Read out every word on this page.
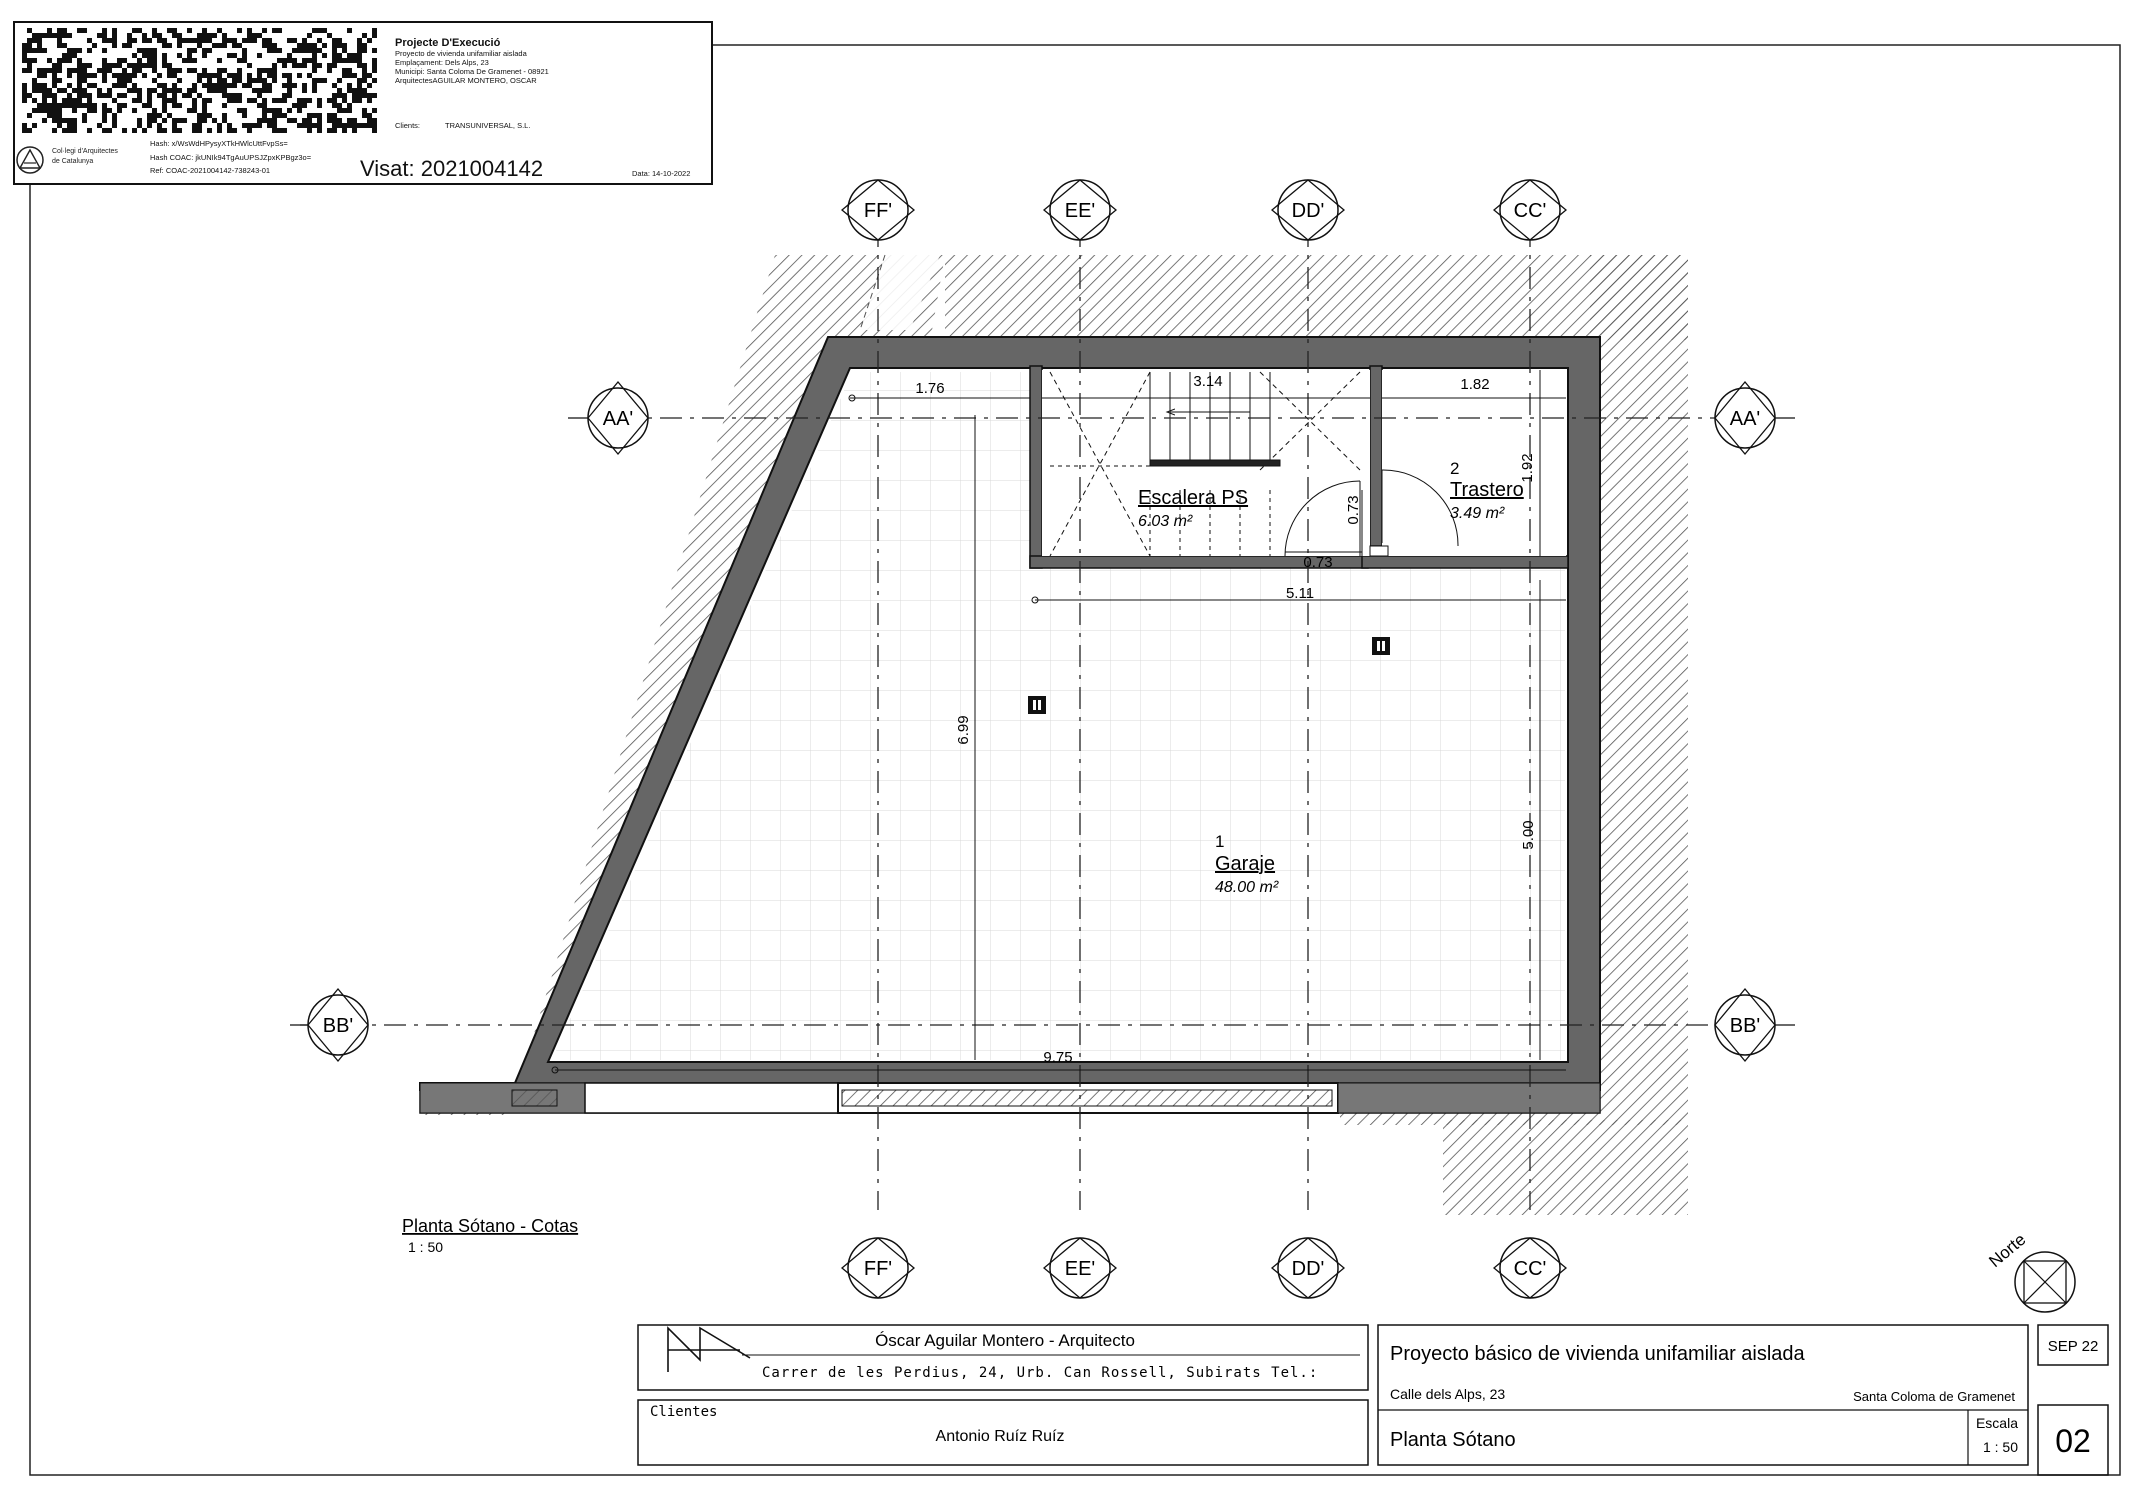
Col·legi d'Arquitectes
de Catalunya
Projecte D'Execució
Proyecto de vivienda unifamiliar aislada
Emplaçament: Dels Alps, 23
Municipi: Santa Coloma De Gramenet - 08921
ArquitectesAGUILAR MONTERO, OSCAR
Clients:	TRANSUNIVERSAL, S.L.
Hash: x/WsWdHPysyXTkHWlcUttFvpSs=
Hash COAC: jkUNIk94TgAuUPSJZpxKPBgz3o=
Ref: COAC-2021004142-738243-01	Visat: 2021004142	Data: 14-10-2022
1.76	3.14	1.82
1.92
0.73
0.73
5.11
6.99
5.00
9.75
Escalera PS
6.03 m²
2
Trastero
3.49 m²
1
Garaje
48.00 m²
FF'	EE'	DD'	CC'
FF'	EE'	DD'	CC'
AA'
BB'
AA'
BB'
Planta Sótano - Cotas
1 : 50	Norte
Óscar Aguilar Montero - Arquitecto
Carrer de les Perdius, 24, Urb. Can Rossell, Subirats Tel.:
Clientes
Antonio Ruíz Ruíz
Proyecto básico de vivienda unifamiliar aislada
Calle dels Alps, 23	Santa Coloma de Gramenet
SEP 22
Planta Sótano
Escala
1 : 50 02
